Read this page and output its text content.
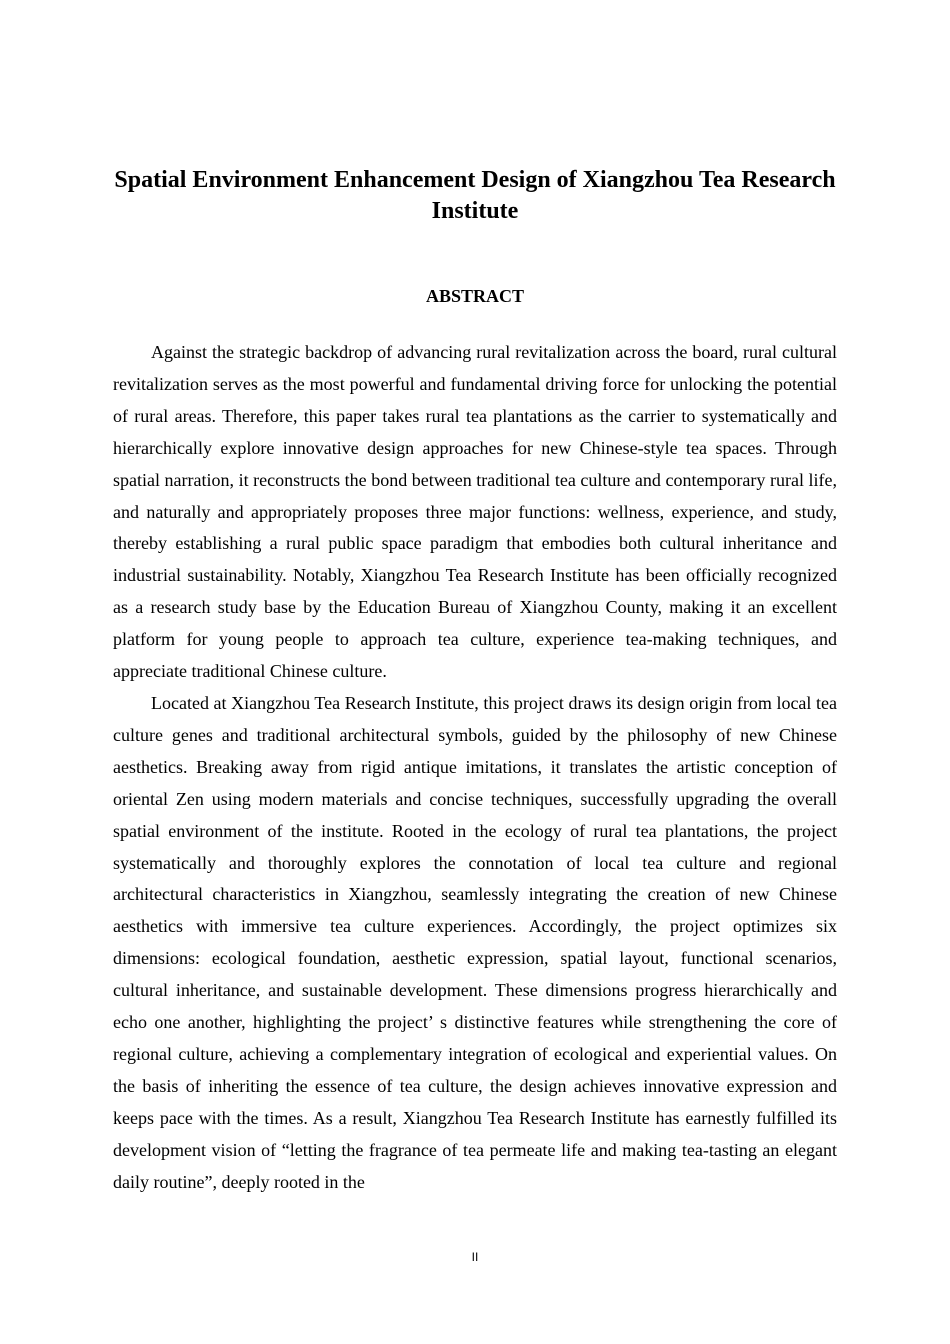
Spatial Environment Enhancement Design of Xiangzhou Tea Research Institute
ABSTRACT

Against the strategic backdrop of advancing rural revitalization across the board, rural cultural revitalization serves as the most powerful and fundamental driving force for unlocking the potential of rural areas. Therefore, this paper takes rural tea plantations as the carrier to systematically and hierarchically explore innovative design approaches for new Chinese-style tea spaces. Through spatial narration, it reconstructs the bond between traditional tea culture and contemporary rural life, and naturally and appropriately proposes three major functions: wellness, experience, and study, thereby establishing a rural public space paradigm that embodies both cultural inheritance and industrial sustainability. Notably, Xiangzhou Tea Research Institute has been officially recognized as a research study base by the Education Bureau of Xiangzhou County, making it an excellent platform for young people to approach tea culture, experience tea-making techniques, and appreciate traditional Chinese culture.

Located at Xiangzhou Tea Research Institute, this project draws its design origin from local tea culture genes and traditional architectural symbols, guided by the philosophy of new Chinese aesthetics. Breaking away from rigid antique imitations, it translates the artistic conception of oriental Zen using modern materials and concise techniques, successfully upgrading the overall spatial environment of the institute. Rooted in the ecology of rural tea plantations, the project systematically and thoroughly explores the connotation of local tea culture and regional architectural characteristics in Xiangzhou, seamlessly integrating the creation of new Chinese aesthetics with immersive tea culture experiences. Accordingly, the project optimizes six dimensions: ecological foundation, aesthetic expression, spatial layout, functional scenarios, cultural inheritance, and sustainable development. These dimensions progress hierarchically and echo one another, highlighting the project’ s distinctive features while strengthening the core of regional culture, achieving a complementary integration of ecological and experiential values. On the basis of inheriting the essence of tea culture, the design achieves innovative expression and keeps pace with the times. As a result, Xiangzhou Tea Research Institute has earnestly fulfilled its development vision of “letting the fragrance of tea permeate life and making tea-tasting an elegant daily routine”, deeply rooted in the

II
